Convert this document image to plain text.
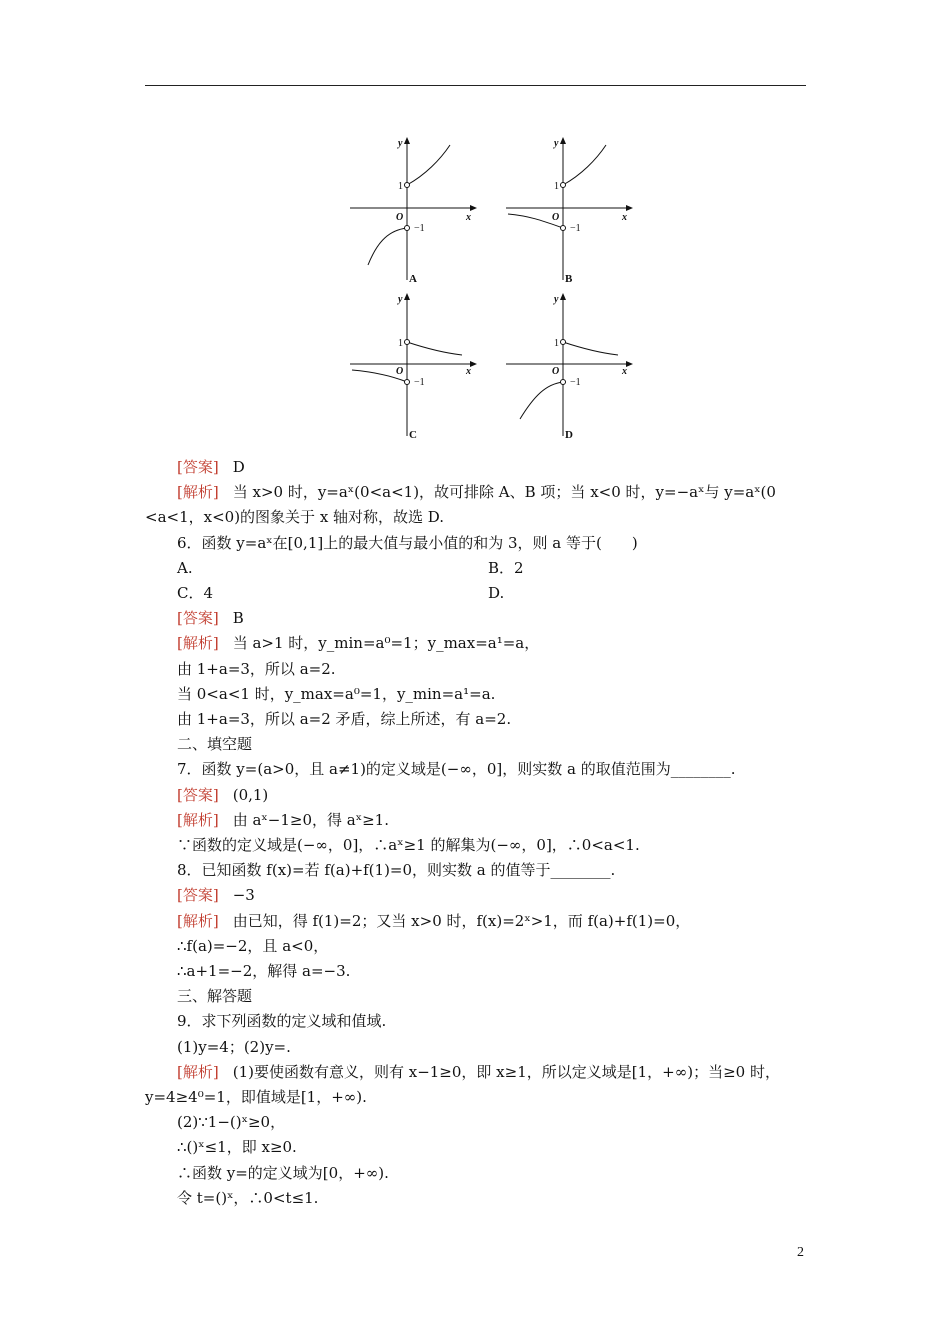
y
x
O
1
−1
A
y
x
O
1
−1
B
y
x
O
1
−1
C
y
x
O
1
−1
D
[答案] D
[解析] 当 x>0 时，y=aˣ(0<a<1)，故可排除 A、B 项；当 x<0 时，y=−aˣ与 y=aˣ(0
<a<1，x<0)的图象关于 x 轴对称，故选 D.
6．函数 y=aˣ在[0,1]上的最大值与最小值的和为 3，则 a 等于(　　)
A.	B．2
C．4	D.
[答案] B
[解析] 当 a>1 时，y_min=a⁰=1；y_max=a¹=a，
由 1+a=3，所以 a=2.
当 0<a<1 时，y_max=a⁰=1，y_min=a¹=a.
由 1+a=3，所以 a=2 矛盾，综上所述，有 a=2.
二、填空题
7．函数 y=(a>0，且 a≠1)的定义域是(−∞，0]，则实数 a 的取值范围为________.
[答案] (0,1)
[解析] 由 aˣ−1≥0，得 aˣ≥1.
∵函数的定义域是(−∞，0]，∴aˣ≥1 的解集为(−∞，0]，∴0<a<1.
8．已知函数 f(x)=若 f(a)+f(1)=0，则实数 a 的值等于________.
[答案] −3
[解析] 由已知，得 f(1)=2；又当 x>0 时，f(x)=2ˣ>1，而 f(a)+f(1)=0，
∴f(a)=−2，且 a<0，
∴a+1=−2，解得 a=−3.
三、解答题
9．求下列函数的定义域和值域.
(1)y=4；(2)y=.
[解析] (1)要使函数有意义，则有 x−1≥0，即 x≥1，所以定义域是[1，+∞)；当≥0 时，
y=4≥4⁰=1，即值域是[1，+∞).
(2)∵1−()ˣ≥0，
∴()ˣ≤1，即 x≥0.
∴函数 y=的定义域为[0，+∞).
令 t=()ˣ，∴0<t≤1.
2
